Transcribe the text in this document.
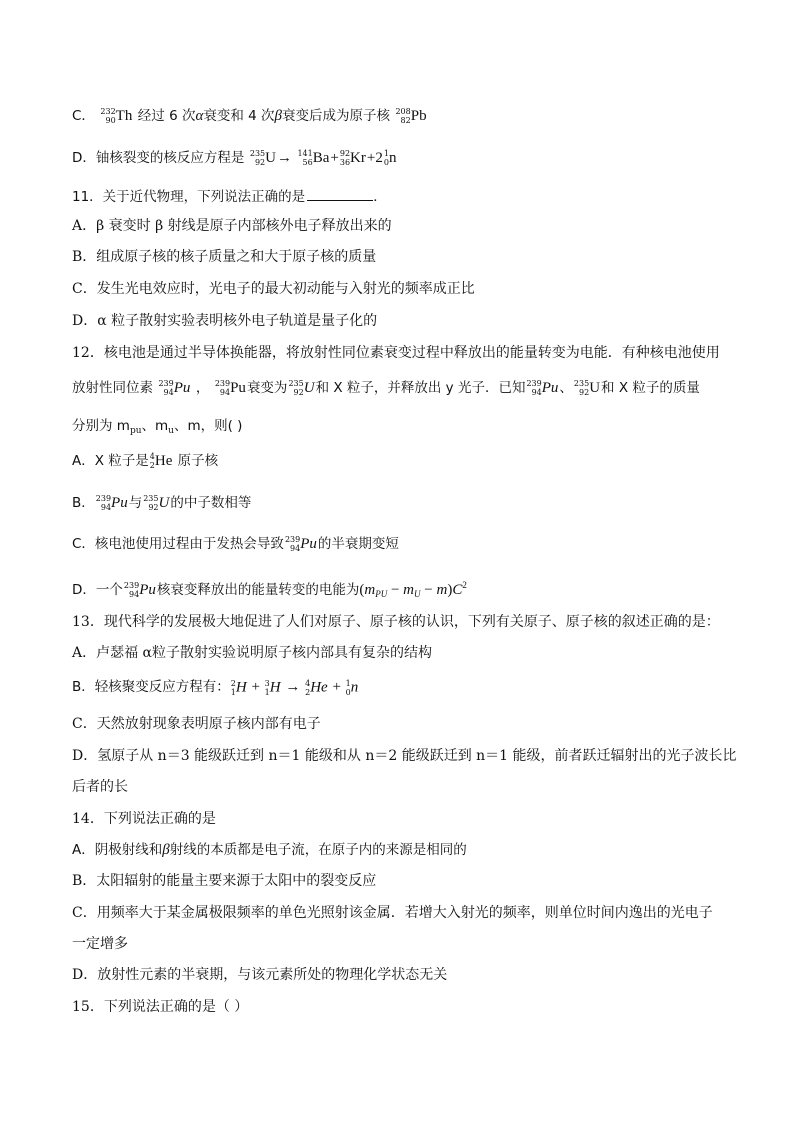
C． 232
90 Th 经过 6 次α衰变和 4 次β衰变后成为原子核 208
82 Pb
D．铀核裂变的核反应方程是 235
92 U→ 141
56 Ba+ 92
36 Kr+2 1
0 n
11．关于近代物理，下列说法正确的是	．
A．β 衰变时 β 射线是原子内部核外电子释放出来的
B．组成原子核的核子质量之和大于原子核的质量
C．发生光电效应时，光电子的最大初动能与入射光的频率成正比
D．α 粒子散射实验表明核外电子轨道是量子化的
12．核电池是通过半导体换能器，将放射性同位素衰变过程中释放出的能量转变为电能．有种核电池使用
放射性同位素 239
94 Pu ， 239
94 Pu衰变为 235
92 U和 X 粒子，并释放出 y 光子．已知 239
94 Pu、 235
92 U和 X 粒子的质量
分别为 $m_{pu}$、$m_u$、m，则( )
A．X 粒子是 4
2 He 原子核
B． 239
94 Pu与 235
92 U的中子数相等
C．核电池使用过程由于发热会导致 239
94 Pu的半衰期变短
D．一个 239
94 Pu核衰变释放出的能量转变的电能为$(m_{PU} - m_U - m)C^2$
13．现代科学的发展极大地促进了人们对原子、原子核的认识，下列有关原子、原子核的叙述正确的是：
A．卢瑟福 α粒子散射实验说明原子核内部具有复杂的结构
B．轻核聚变反应方程有： 2
1 H + 3
1 H → 4
2 He + 1
0 n
C．天然放射现象表明原子核内部有电子
D．氢原子从 n＝3 能级跃迁到 n＝1 能级和从 n＝2 能级跃迁到 n＝1 能级，前者跃迁辐射出的光子波长比
后者的长
14．下列说法正确的是
A．阴极射线和β射线的本质都是电子流，在原子内的来源是相同的
B．太阳辐射的能量主要来源于太阳中的裂变反应
C．用频率大于某金属极限频率的单色光照射该金属．若增大入射光的频率，则单位时间内逸出的光电子
一定增多
D．放射性元素的半衰期，与该元素所处的物理化学状态无关
15．下列说法正确的是（ ）
